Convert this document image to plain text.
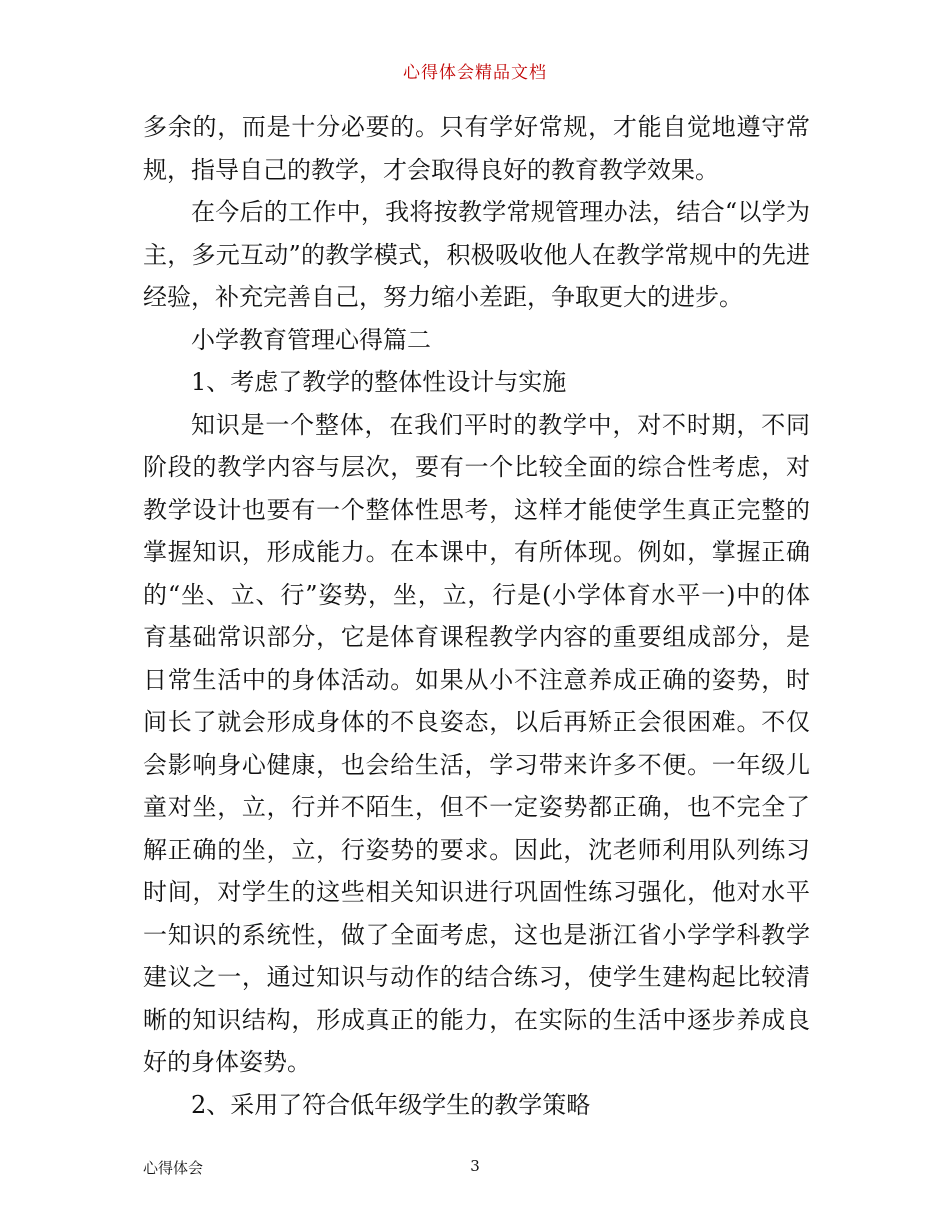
心得体会精品文档

多余的，而是十分必要的。只有学好常规，才能自觉地遵守常规，指导自己的教学，才会取得良好的教育教学效果。

在今后的工作中，我将按教学常规管理办法，结合“以学为主，多元互动”的教学模式，积极吸收他人在教学常规中的先进经验，补充完善自己，努力缩小差距，争取更大的进步。

小学教育管理心得篇二

1、考虑了教学的整体性设计与实施

知识是一个整体，在我们平时的教学中，对不时期，不同阶段的教学内容与层次，要有一个比较全面的综合性考虑，对教学设计也要有一个整体性思考，这样才能使学生真正完整的掌握知识，形成能力。在本课中，有所体现。例如，掌握正确的“坐、立、行”姿势，坐，立，行是(小学体育水平一)中的体育基础常识部分，它是体育课程教学内容的重要组成部分，是日常生活中的身体活动。如果从小不注意养成正确的姿势，时间长了就会形成身体的不良姿态，以后再矫正会很困难。不仅会影响身心健康，也会给生活，学习带来许多不便。一年级儿童对坐，立，行并不陌生，但不一定姿势都正确，也不完全了解正确的坐，立，行姿势的要求。因此，沈老师利用队列练习时间，对学生的这些相关知识进行巩固性练习强化，他对水平一知识的系统性，做了全面考虑，这也是浙江省小学学科教学建议之一，通过知识与动作的结合练习，使学生建构起比较清晰的知识结构，形成真正的能力，在实际的生活中逐步养成良好的身体姿势。

2、采用了符合低年级学生的教学策略

心得体会	3
